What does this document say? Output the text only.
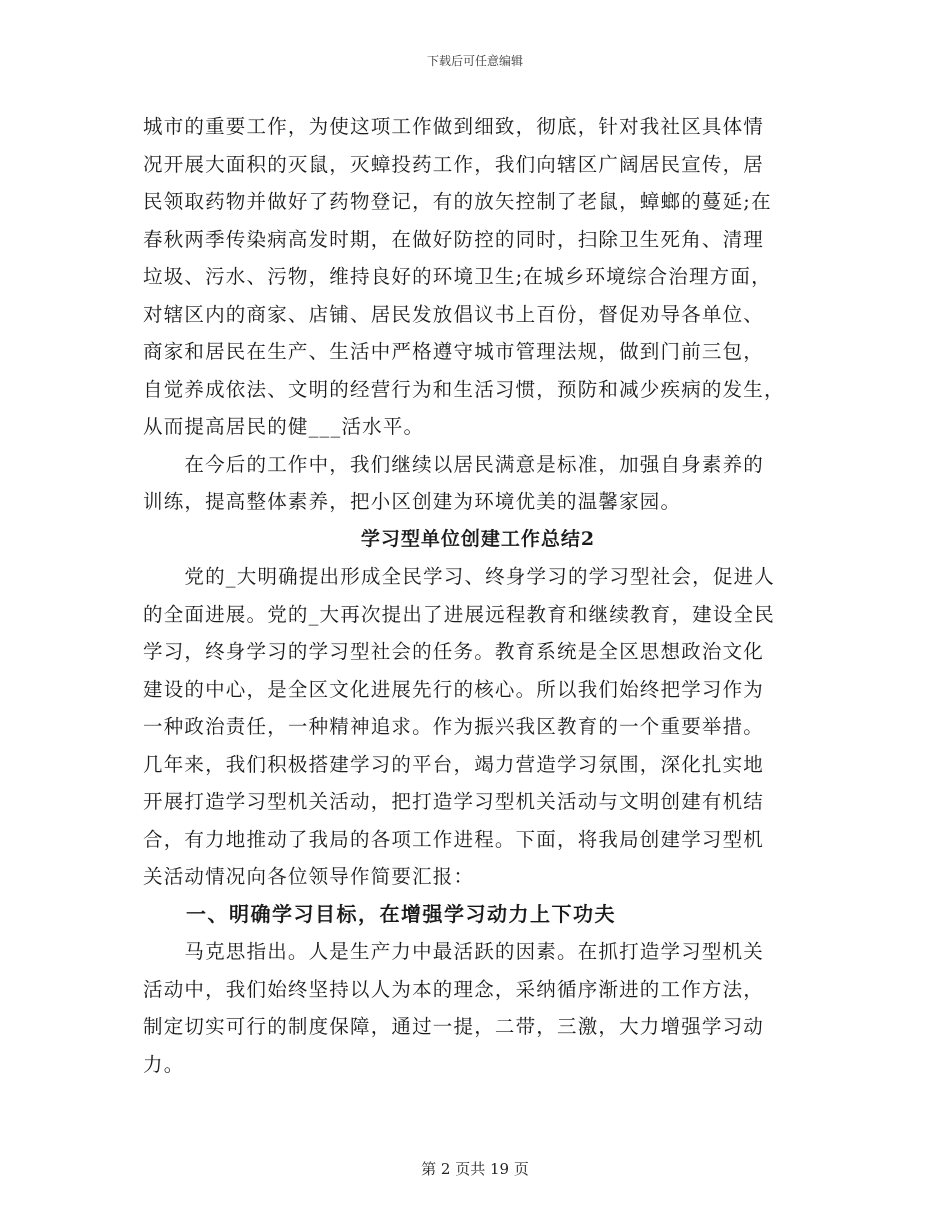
下载后可任意编辑
城市的重要工作，为使这项工作做到细致，彻底，针对我社区具体情
况开展大面积的灭鼠，灭蟑投药工作，我们向辖区广阔居民宣传，居
民领取药物并做好了药物登记，有的放矢控制了老鼠，蟑螂的蔓延;在
春秋两季传染病高发时期，在做好防控的同时，扫除卫生死角、清理
垃圾、污水、污物，维持良好的环境卫生;在城乡环境综合治理方面，
对辖区内的商家、店铺、居民发放倡议书上百份，督促劝导各单位、
商家和居民在生产、生活中严格遵守城市管理法规，做到门前三包，
自觉养成依法、文明的经营行为和生活习惯，预防和减少疾病的发生，
从而提高居民的健___活水平。
　　在今后的工作中，我们继续以居民满意是标准，加强自身素养的
训练，提高整体素养，把小区创建为环境优美的温馨家园。
学习型单位创建工作总结2
　　党的_大明确提出形成全民学习、终身学习的学习型社会，促进人
的全面进展。党的_大再次提出了进展远程教育和继续教育，建设全民
学习，终身学习的学习型社会的任务。教育系统是全区思想政治文化
建设的中心，是全区文化进展先行的核心。所以我们始终把学习作为
一种政治责任，一种精神追求。作为振兴我区教育的一个重要举措。
几年来，我们积极搭建学习的平台，竭力营造学习氛围，深化扎实地
开展打造学习型机关活动，把打造学习型机关活动与文明创建有机结
合，有力地推动了我局的各项工作进程。下面，将我局创建学习型机
关活动情况向各位领导作简要汇报：
　　一、明确学习目标，在增强学习动力上下功夫
　　马克思指出。人是生产力中最活跃的因素。在抓打造学习型机关
活动中，我们始终坚持以人为本的理念，采纳循序渐进的工作方法，
制定切实可行的制度保障，通过一提，二带，三激，大力增强学习动
力。
第 2 页共 19 页
